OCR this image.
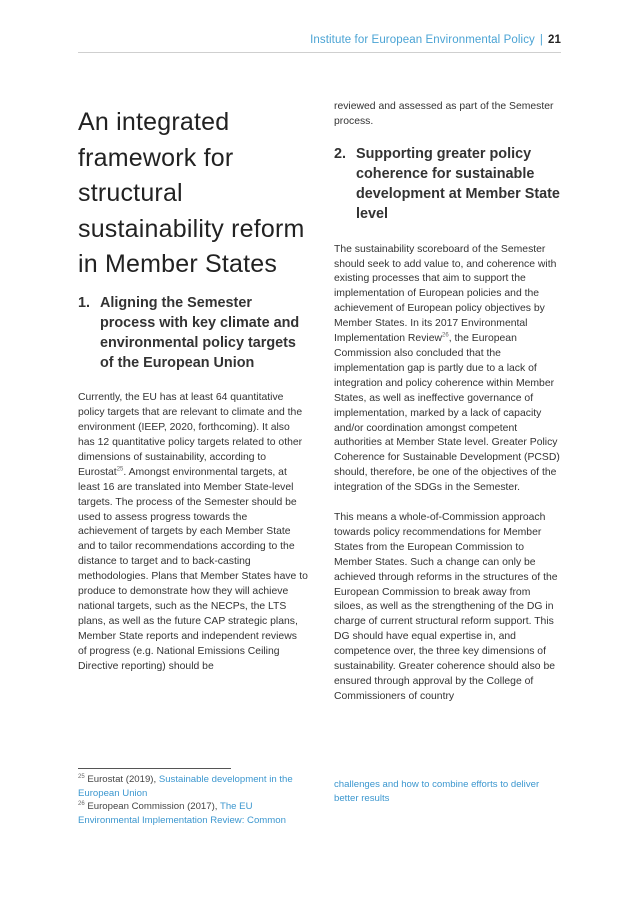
Institute for European Environmental Policy | 21
An integrated framework for structural sustainability reform in Member States
1. Aligning the Semester process with key climate and environmental policy targets of the European Union

Currently, the EU has at least 64 quantitative policy targets that are relevant to climate and the environment (IEEP, 2020, forthcoming). It also has 12 quantitative policy targets related to other dimensions of sustainability, according to Eurostat$^{25}$. Amongst environmental targets, at least 16 are translated into Member State-level targets. The process of the Semester should be used to assess progress towards the achievement of targets by each Member State and to tailor recommendations according to the distance to target and to back-casting methodologies. Plans that Member States have to produce to demonstrate how they will achieve national targets, such as the NECPs, the LTS plans, as well as the future CAP strategic plans, Member State reports and independent reviews of progress (e.g. National Emissions Ceiling Directive reporting) should be

reviewed and assessed as part of the Semester process.

2. Supporting greater policy coherence for sustainable development at Member State level

The sustainability scoreboard of the Semester should seek to add value to, and coherence with existing processes that aim to support the implementation of European policies and the achievement of European policy objectives by Member States. In its 2017 Environmental Implementation Review$^{26}$, the European Commission also concluded that the implementation gap is partly due to a lack of integration and policy coherence within Member States, as well as ineffective governance of implementation, marked by a lack of capacity and/or coordination amongst competent authorities at Member State level. Greater Policy Coherence for Sustainable Development (PCSD) should, therefore, be one of the objectives of the integration of the SDGs in the Semester.

This means a whole-of-Commission approach towards policy recommendations for Member States from the European Commission to Member States. Such a change can only be achieved through reforms in the structures of the European Commission to break away from siloes, as well as the strengthening of the DG in charge of current structural reform support. This DG should have equal expertise in, and competence over, the three key dimensions of sustainability. Greater coherence should also be ensured through approval by the College of Commissioners of country

$^{25}$ Eurostat (2019), Sustainable development in the European Union

$^{26}$ European Commission (2017), The EU Environmental Implementation Review: Common

challenges and how to combine efforts to deliver better results
